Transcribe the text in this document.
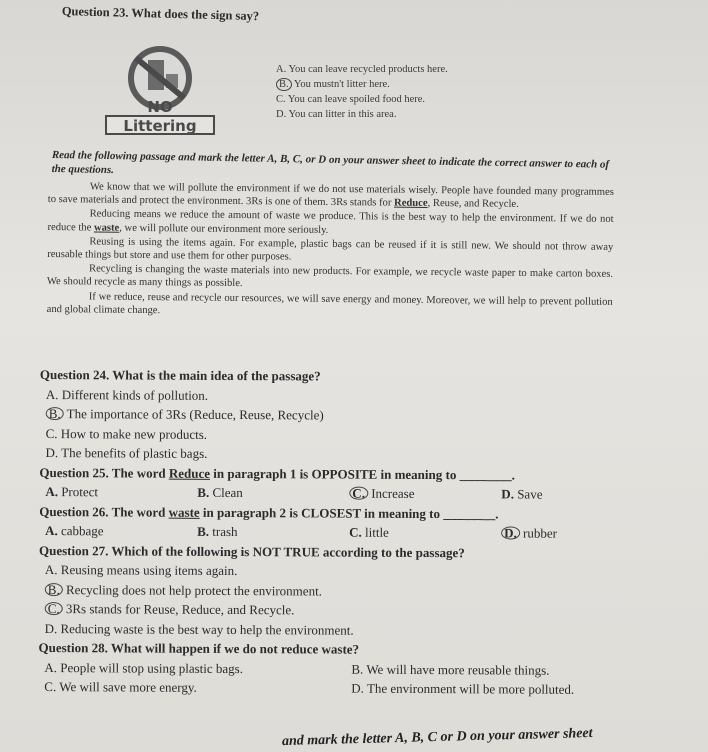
Question 23. What does the sign say?
NO
Littering
A. You can leave recycled products here.
B. You mustn't litter here.
C. You can leave spoiled food here.
D. You can litter in this area.
Read the following passage and mark the letter A, B, C, or D on your answer sheet to indicate the correct answer to each of the questions.

We know that we will pollute the environment if we do not use materials wisely. People have founded many programmes to save materials and protect the environment. 3Rs is one of them. 3Rs stands for Reduce, Reuse, and Recycle.

Reducing means we reduce the amount of waste we produce. This is the best way to help the environment. If we do not reduce the waste, we will pollute our environment more seriously.

Reusing is using the items again. For example, plastic bags can be reused if it is still new. We should not throw away reusable things but store and use them for other purposes.

Recycling is changing the waste materials into new products. For example, we recycle waste paper to make carton boxes. We should recycle as many things as possible.

If we reduce, reuse and recycle our resources, we will save energy and money. Moreover, we will help to prevent pollution and global climate change.

Question 24. What is the main idea of the passage?
A. Different kinds of pollution.
B. The importance of 3Rs (Reduce, Reuse, Recycle)
C. How to make new products.
D. The benefits of plastic bags.
Question 25. The word Reduce in paragraph 1 is OPPOSITE in meaning to ________.
A. Protect	B. Clean	C. Increase	D. Save
Question 26. The word waste in paragraph 2 is CLOSEST in meaning to ________.
A. cabbage	B. trash	C. little	D. rubber
Question 27. Which of the following is NOT TRUE according to the passage?
A. Reusing means using items again.
B. Recycling does not help protect the environment.
C. 3Rs stands for Reuse, Reduce, and Recycle.
D. Reducing waste is the best way to help the environment.
Question 28. What will happen if we do not reduce waste?
A. People will stop using plastic bags.	B. We will have more reusable things.
C. We will save more energy.	D. The environment will be more polluted.
and mark the letter A, B, C or D on your answer sheet
